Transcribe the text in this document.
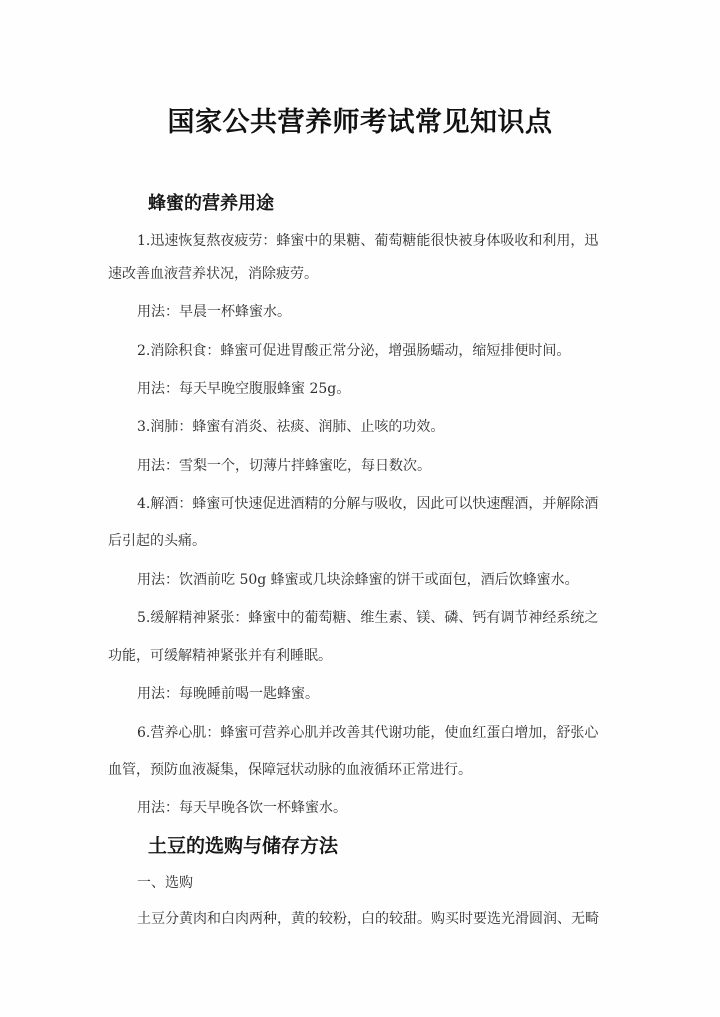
国家公共营养师考试常见知识点
蜂蜜的营养用途
1.迅速恢复熬夜疲劳：蜂蜜中的果糖、葡萄糖能很快被身体吸收和利用，迅
速改善血液营养状况，消除疲劳。
用法：早晨一杯蜂蜜水。
2.消除积食：蜂蜜可促进胃酸正常分泌，增强肠蠕动，缩短排便时间。
用法：每天早晚空腹服蜂蜜 25g。
3.润肺：蜂蜜有消炎、祛痰、润肺、止咳的功效。
用法：雪梨一个，切薄片拌蜂蜜吃，每日数次。
4.解酒：蜂蜜可快速促进酒精的分解与吸收，因此可以快速醒酒，并解除酒
后引起的头痛。
用法：饮酒前吃 50g 蜂蜜或几块涂蜂蜜的饼干或面包，酒后饮蜂蜜水。
5.缓解精神紧张：蜂蜜中的葡萄糖、维生素、镁、磷、钙有调节神经系统之
功能，可缓解精神紧张并有利睡眠。
用法：每晚睡前喝一匙蜂蜜。
6.营养心肌：蜂蜜可营养心肌并改善其代谢功能，使血红蛋白增加，舒张心
血管，预防血液凝集，保障冠状动脉的血液循环正常进行。
用法：每天早晚各饮一杯蜂蜜水。
土豆的选购与储存方法
一、选购
土豆分黄肉和白肉两种，黄的较粉，白的较甜。购买时要选光滑圆润、无畸
